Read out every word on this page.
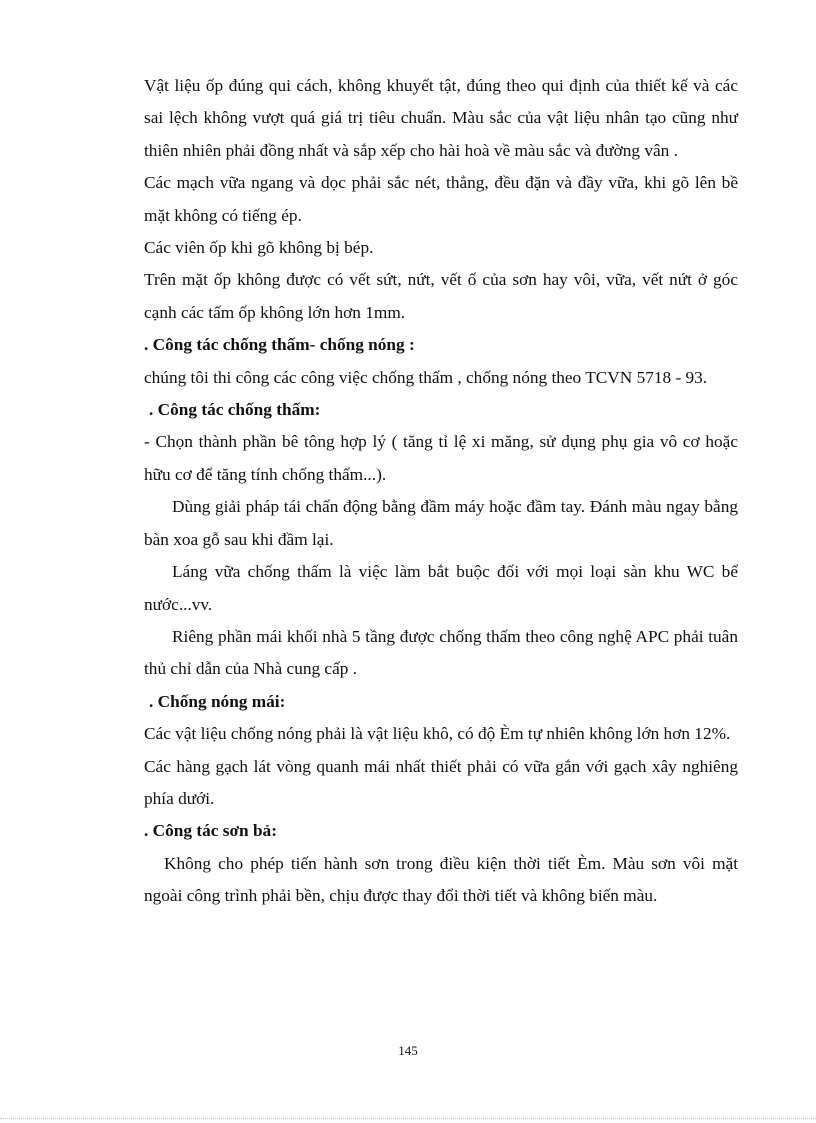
Vật liệu ốp đúng qui cách, không khuyết tật, đúng theo qui định của thiết kế và các sai lệch không vượt quá giá trị tiêu chuẩn. Màu sắc của vật liệu nhân tạo cũng như thiên nhiên phải đồng nhất và sắp xếp cho hài hoà về màu sắc và đường vân .

Các mạch vữa ngang và dọc phải sắc nét, thẳng, đều đặn và đầy vữa, khi gõ lên bề mặt không có tiếng ép.

Các viên ốp khi gõ không bị bép.

Trên mặt ốp không được có vết sứt, nứt, vết ố của sơn hay vôi, vữa, vết nứt ở góc cạnh các tấm ốp không lớn hơn 1mm.

. Công tác chống thấm- chống nóng :

chúng tôi thi công các công việc chống thấm , chống nóng theo TCVN 5718 - 93.

. Công tác chống thấm:

- Chọn thành phần bê tông hợp lý ( tăng tỉ lệ xi măng, sử dụng phụ gia vô cơ hoặc hữu cơ để tăng tính chống thấm...).

Dùng giải pháp tái chấn động bằng đầm máy hoặc đầm tay. Đánh màu ngay bằng bàn xoa gỗ sau khi đầm lại.

Láng vữa chống thấm là việc làm bắt buộc đối với mọi loại sàn khu WC bể nước...vv.

Riêng phần mái khối nhà 5 tầng được chống thấm theo công nghệ APC phải tuân thủ chỉ dẫn của Nhà cung cấp .

. Chống nóng mái:

Các vật liệu chống nóng phải là vật liệu khô, có độ Èm tự nhiên không lớn hơn 12%.

Các hàng gạch lát vòng quanh mái nhất thiết phải có vữa gắn với gạch xây nghiêng phía dưới.

. Công tác sơn bả:

Không cho phép tiến hành sơn trong điều kiện thời tiết Èm. Màu sơn vôi mặt ngoài công trình phải bền, chịu được thay đổi thời tiết và không biến màu.

145
